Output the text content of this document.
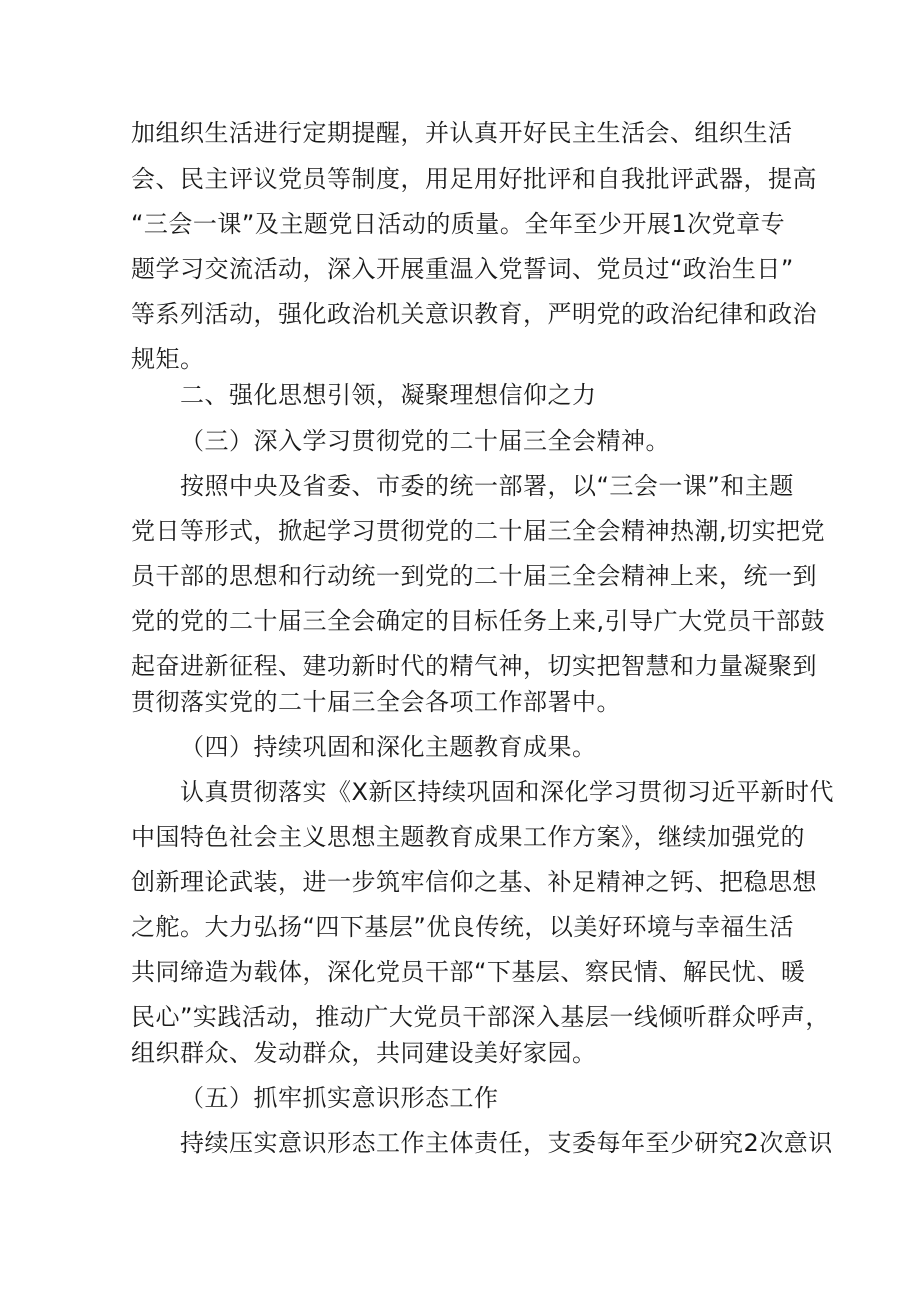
加组织生活进行定期提醒，并认真开好民主生活会、组织生活

会、民主评议党员等制度，用足用好批评和自我批评武器，提高

“三会一课”及主题党日活动的质量。全年至少开展1次党章专

题学习交流活动，深入开展重温入党誓词、党员过“政治生日”

等系列活动，强化政治机关意识教育，严明党的政治纪律和政治

规矩。

二、强化思想引领，凝聚理想信仰之力

（三）深入学习贯彻党的二十届三全会精神。

按照中央及省委、市委的统一部署，以“三会一课”和主题

党日等形式，掀起学习贯彻党的二十届三全会精神热潮,切实把党

员干部的思想和行动统一到党的二十届三全会精神上来，统一到

党的党的二十届三全会确定的目标任务上来,引导广大党员干部鼓

起奋进新征程、建功新时代的精气神，切实把智慧和力量凝聚到

贯彻落实党的二十届三全会各项工作部署中。

（四）持续巩固和深化主题教育成果。

认真贯彻落实《X新区持续巩固和深化学习贯彻习近平新时代

中国特色社会主义思想主题教育成果工作方案》，继续加强党的

创新理论武装，进一步筑牢信仰之基、补足精神之钙、把稳思想

之舵。大力弘扬“四下基层”优良传统，以美好环境与幸福生活

共同缔造为载体，深化党员干部“下基层、察民情、解民忧、暖

民心”实践活动，推动广大党员干部深入基层一线倾听群众呼声，

组织群众、发动群众，共同建设美好家园。

（五）抓牢抓实意识形态工作

持续压实意识形态工作主体责任，支委每年至少研究2次意识
